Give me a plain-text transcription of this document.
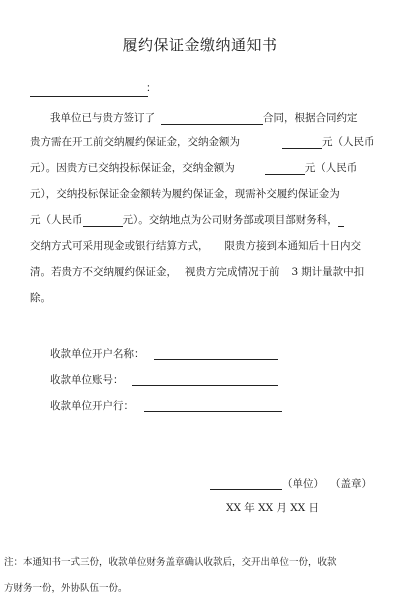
履约保证金缴纳通知书
：
我单位已与贵方签订了	合同，根据合同约定
贵方需在开工前交纳履约保证金，交纳金额为	元（人民币
元）。因贵方已交纳投标保证金，交纳金额为	元（人民币
元），交纳投标保证金金额转为履约保证金，现需补交履约保证金为
元（人民币	元）。交纳地点为公司财务部或项目部财务科，
交纳方式可采用现金或银行结算方式， 限贵方接到本通知后十日内交
清。若贵方不交纳履约保证金， 视贵方完成情况于前 3 期计量款中扣
除。
收款单位开户名称：
收款单位账号：
收款单位开户行：
（单位） （盖章）
XX 年 XX 月 XX 日
注：本通知书一式三份，收款单位财务盖章确认收款后，交开出单位一份，收款
方财务一份，外协队伍一份。
